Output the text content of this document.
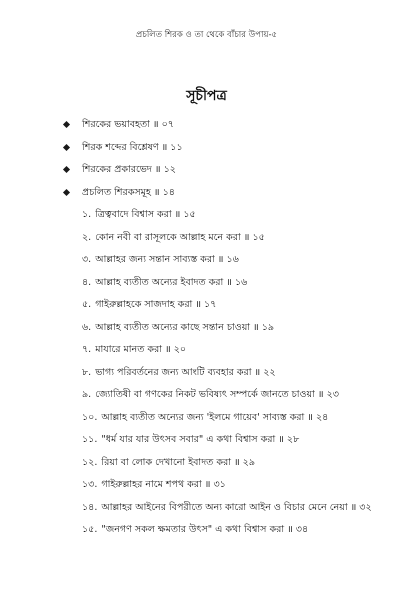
প্রচলিত শিরক ও তা থেকে বাঁচার উপায়-৫
সূচীপত্র
শিরকের ভয়াবহতা ॥ ০৭
শিরক শব্দের বিশ্লেষণ ॥ ১১
শিরকের প্রকারভেদ ॥ ১২
প্রচলিত শিরকসমূহ ॥ ১৪
১. ত্রিত্ববাদে বিশ্বাস করা ॥ ১৫
২. কোন নবী বা রাসূলকে আল্লাহ মনে করা ॥ ১৫
৩. আল্লাহর জন্য সন্তান সাব্যস্ত করা ॥ ১৬
৪. আল্লাহ ব্যতীত অন্যের ইবাদত করা ॥ ১৬
৫. গাইরুল্লাহকে সাজদাহ করা ॥ ১৭
৬. আল্লাহ ব্যতীত অন্যের কাছে সন্তান চাওয়া ॥ ১৯
৭. মাযারে মানত করা ॥ ২০
৮. ভাগ্য পরিবর্তনের জন্য আংটি ব্যবহার করা ॥ ২২
৯. জ্যোতিষী বা গণকের নিকট ভবিষ্যৎ সম্পর্কে জানতে চাওয়া ॥ ২৩
১০. আল্লাহ ব্যতীত অন্যের জন্য 'ইলমে গায়েব' সাব্যস্ত করা ॥ ২৪
১১. "ধর্ম যার যার উৎসব সবার" এ কথা বিশ্বাস করা ॥ ২৮
১২. রিয়া বা লোক দেখানো ইবাদত করা ॥ ২৯
১৩. গাইরুল্লাহর নামে শপথ করা ॥ ৩১
১৪. আল্লাহর আইনের বিপরীতে অন্য কারো আইন ও বিচার মেনে নেয়া ॥ ৩২
১৫. "জনগণ সকল ক্ষমতার উৎস" এ কথা বিশ্বাস করা ॥ ৩৪
